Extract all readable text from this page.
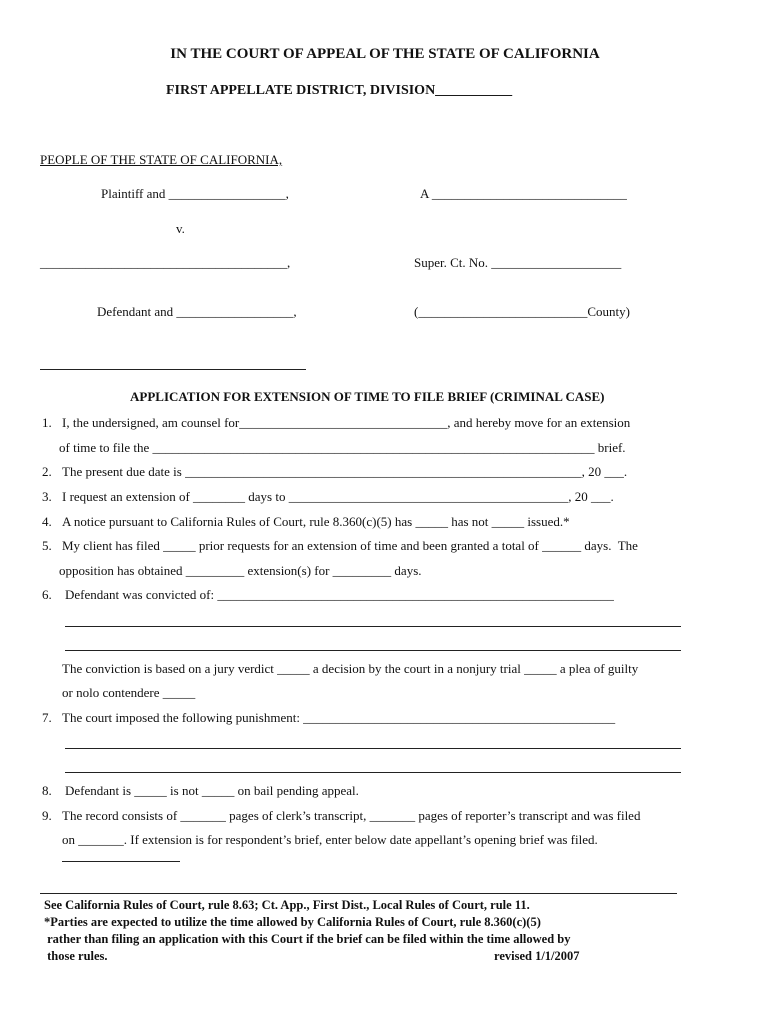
IN THE COURT OF APPEAL OF THE STATE OF CALIFORNIA
FIRST APPELLATE DISTRICT, DIVISION___________
PEOPLE OF THE STATE OF CALIFORNIA,
Plaintiff and __________________,	A ______________________________
v.
______________________________________,	Super. Ct. No. ____________________
Defendant and __________________,	(__________________________County)
APPLICATION FOR EXTENSION OF TIME TO FILE BRIEF (CRIMINAL CASE)
1. I, the undersigned, am counsel for________________________________, and hereby move for an extension
of time to file the ____________________________________________________________________ brief.
2. The present due date is _____________________________________________________________, 20 ___.
3. I request an extension of ________ days to ___________________________________________, 20 ___.
4. A notice pursuant to California Rules of Court, rule 8.360(c)(5) has _____ has not _____ issued.*
5. My client has filed _____ prior requests for an extension of time and been granted a total of ______ days.  The
opposition has obtained _________ extension(s) for _________ days.
6. Defendant was convicted of: _____________________________________________________________
The conviction is based on a jury verdict _____ a decision by the court in a nonjury trial _____ a plea of guilty
or nolo contendere _____
7. The court imposed the following punishment: ________________________________________________
8. Defendant is _____ is not _____ on bail pending appeal.
9. The record consists of _______ pages of clerk’s transcript, _______ pages of reporter’s transcript and was filed
on _______. If extension is for respondent’s brief, enter below date appellant’s opening brief was filed.
See California Rules of Court, rule 8.63; Ct. App., First Dist., Local Rules of Court, rule 11.
*Parties are expected to utilize the time allowed by California Rules of Court, rule 8.360(c)(5)
rather than filing an application with this Court if the brief can be filed within the time allowed by
those rules.	revised 1/1/2007
